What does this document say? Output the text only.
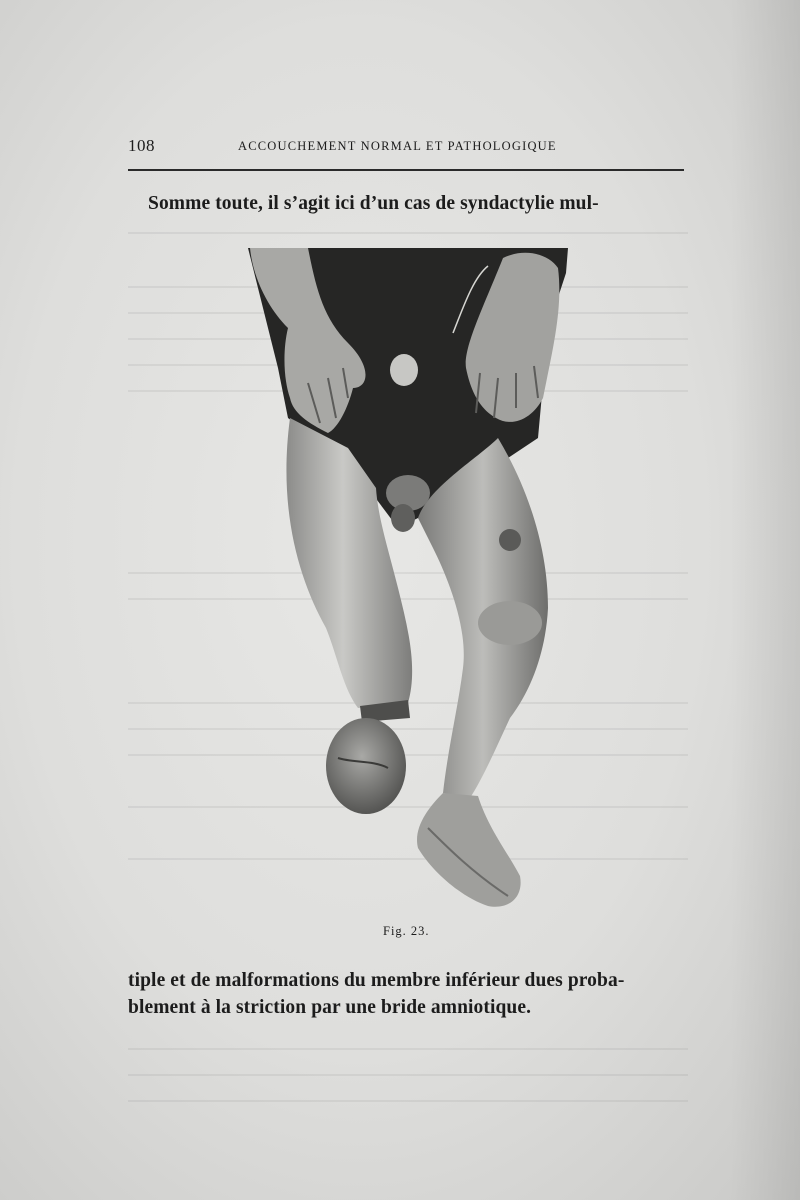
108	ACCOUCHEMENT NORMAL ET PATHOLOGIQUE
Somme toute, il s’agit ici d’un cas de syndactylie mul-
Fig. 23.
tiple et de malformations du membre inférieur dues proba-
blement à la striction par une bride amniotique.
